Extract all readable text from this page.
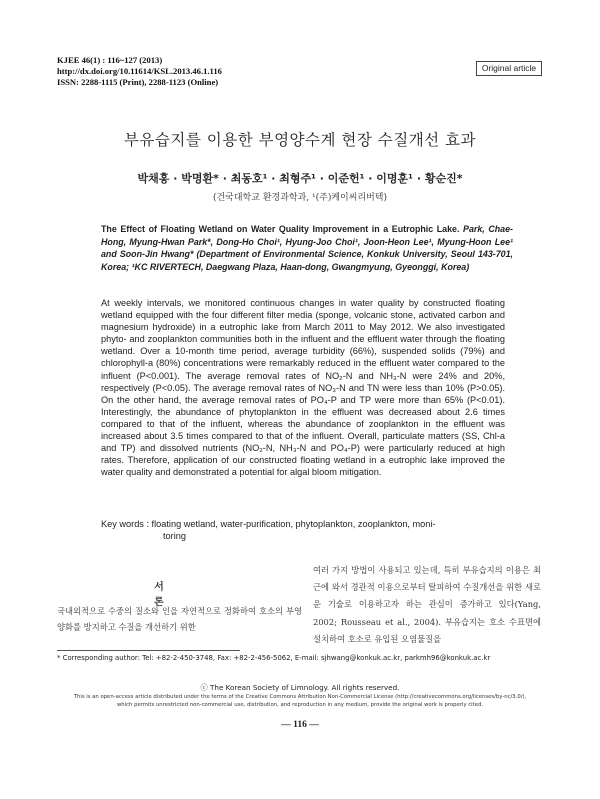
KJEE 46(1) : 116~127 (2013)
http://dx.doi.org/10.11614/KSL.2013.46.1.116
ISSN: 2288-1115 (Print), 2288-1123 (Online)
Original article
부유습지를 이용한 부영양수계 현장 수질개선 효과
박채홍 · 박명환* · 최동호¹ · 최형주¹ · 이준헌¹ · 이명훈¹ · 황순진*
(건국대학교 환경과학과, ¹(주)케이씨리버텍)
The Effect of Floating Wetland on Water Quality Improvement in a Eutrophic Lake. Park, Chae-Hong, Myung-Hwan Park*, Dong-Ho Choi¹, Hyung-Joo Choi¹, Joon-Heon Lee¹, Myung-Hoon Lee¹ and Soon-Jin Hwang* (Department of Environmental Science, Konkuk University, Seoul 143-701, Korea; ¹KC RIVERTECH, Daegwang Plaza, Haan-dong, Gwangmyung, Gyeonggi, Korea)
At weekly intervals, we monitored continuous changes in water quality by constructed floating wetland equipped with the four different filter media (sponge, volcanic stone, activated carbon and magnesium hydroxide) in a eutrophic lake from March 2011 to May 2012. We also investigated phyto- and zooplankton communities both in the influent and the effluent water through the floating wetland. Over a 10-month time period, average turbidity (66%), suspended solids (79%) and chlorophyll-a (80%) concentrations were remarkably reduced in the effluent water compared to the influent (P<0.001). The average removal rates of NO₂-N and NH₃-N were 24% and 20%, respectively (P<0.05). The average removal rates of NO₃-N and TN were less than 10% (P>0.05). On the other hand, the average removal rates of PO₄-P and TP were more than 65% (P<0.01). Interestingly, the abundance of phytoplankton in the effluent was decreased about 2.6 times compared to that of the influent, whereas the abundance of zooplankton in the effluent was increased about 3.5 times compared to that of the influent. Overall, particulate matters (SS, Chl-a and TP) and dissolved nutrients (NO₂-N, NH₃-N and PO₄-P) were particularly reduced at high rates. Therefore, application of our constructed floating wetland in a eutrophic lake improved the water quality and demonstrated a potential for algal bloom mitigation.
Key words : floating wetland, water-purification, phytoplankton, zooplankton, moni-
toring
서 론
국내외적으로 수중의 질소와 인을 자연적으로 정화하여 호소의 부영양화를 방지하고 수질을 개선하기 위한
여러 가지 방법이 사용되고 있는데, 특히 부유습지의 이용은 최근에 와서 경관적 이용으로부터 탈피하여 수질개선을 위한 새로운 기술로 이용하고자 하는 관심이 증가하고 있다(Yang, 2002; Rousseau et al., 2004). 부유습지는 호소 수표면에 설치하여 호소로 유입된 오염물질을
* Corresponding author: Tel: +82-2-450-3748, Fax: +82-2-456-5062, E-mail: sjhwang@konkuk.ac.kr, parkmh96@konkuk.ac.kr
ⓒ The Korean Society of Limnology. All rights reserved.
This is an open-access article distributed under the terms of the Creative Commons Attribution Non-Commercial License (http://creativecommons.org/licenses/by-nc/3.0/),
which permits unrestricted non-commercial use, distribution, and reproduction in any medium, provide the original work is properly cited.
— 116 —
